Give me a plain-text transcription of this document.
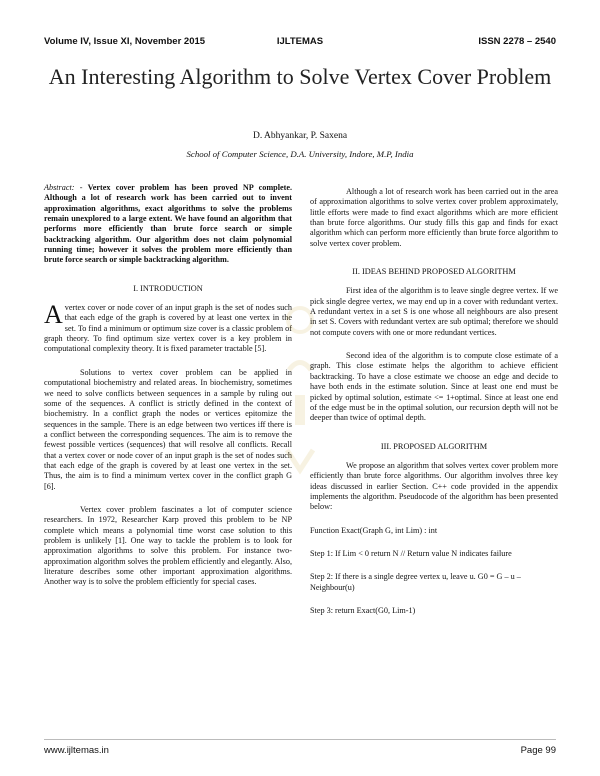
Volume IV, Issue XI, November 2015	IJLTEMAS	ISSN 2278 – 2540
An Interesting Algorithm to Solve Vertex Cover Problem
D. Abhyankar, P. Saxena
School of Computer Science, D.A. University, Indore, M.P, India

Abstract: - Vertex cover problem has been proved NP complete. Although a lot of research work has been carried out to invent approximation algorithms, exact algorithms to solve the problems remain unexplored to a large extent. We have found an algorithm that performs more efficiently than brute force search or simple backtracking algorithm. Our algorithm does not claim polynomial running time; however it solves the problem more efficiently than brute force search or simple backtracking algorithm.

I. INTRODUCTION

Avertex cover or node cover of an input graph is the set of nodes such that each edge of the graph is covered by at least one vertex in the set. To find a minimum or optimum size cover is a classic problem of graph theory. To find optimum size vertex cover is a key problem in computational complexity theory. It is fixed parameter tractable [5].

Solutions to vertex cover problem can be applied in computational biochemistry and related areas. In biochemistry, sometimes we need to solve conflicts between sequences in a sample by ruling out some of the sequences. A conflict is strictly defined in the context of biochemistry. In a conflict graph the nodes or vertices epitomize the sequences in the sample. There is an edge between two vertices iff there is a conflict between the corresponding sequences. The aim is to remove the fewest possible vertices (sequences) that will resolve all conflicts. Recall that a vertex cover or node cover of an input graph is the set of nodes such that each edge of the graph is covered by at least one vertex in the set. Thus, the aim is to find a minimum vertex cover in the conflict graph G [6].

Vertex cover problem fascinates a lot of computer science researchers. In 1972, Researcher Karp proved this problem to be NP complete which means a polynomial time worst case solution to this problem is unlikely [1]. One way to tackle the problem is to look for approximation algorithms to solve this problem. For instance two-approximation algorithm solves the problem efficiently and elegantly. Also, literature describes some other important approximation algorithms. Another way is to solve the problem efficiently for special cases.

Although a lot of research work has been carried out in the area of approximation algorithms to solve vertex cover problem approximately, little efforts were made to find exact algorithms which are more efficient than brute force algorithms. Our study fills this gap and finds for exact algorithm which can perform more efficiently than brute force algorithm to solve vertex cover problem.

II. IDEAS BEHIND PROPOSED ALGORITHM

First idea of the algorithm is to leave single degree vertex. If we pick single degree vertex, we may end up in a cover with redundant vertex. A redundant vertex in a set S is one whose all neighbours are also present in set S. Covers with redundant vertex are sub optimal; therefore we should not compute covers with one or more redundant vertices.

Second idea of the algorithm is to compute close estimate of a graph. This close estimate helps the algorithm to achieve efficient backtracking. To have a close estimate we choose an edge and decide to have both ends in the estimate solution. Since at least one end must be picked by optimal solution, estimate <= 1+optimal. Since at least one end of the edge must be in the optimal solution, our recursion depth will not be deeper than twice of optimal depth.

III. PROPOSED ALGORITHM

We propose an algorithm that solves vertex cover problem more efficiently than brute force algorithms. Our algorithm involves three key ideas discussed in earlier Section. C++ code provided in the appendix implements the algorithm. Pseudocode of the algorithm has been presented below:

Function Exact(Graph G, int Lim) : int

Step 1: If Lim < 0 return N // Return value N indicates failure

Step 2: If there is a single degree vertex u, leave u. G0 = G – u – Neighbour(u)

Step 3: return Exact(G0, Lim-1)

www.ijltemas.in	Page 99
